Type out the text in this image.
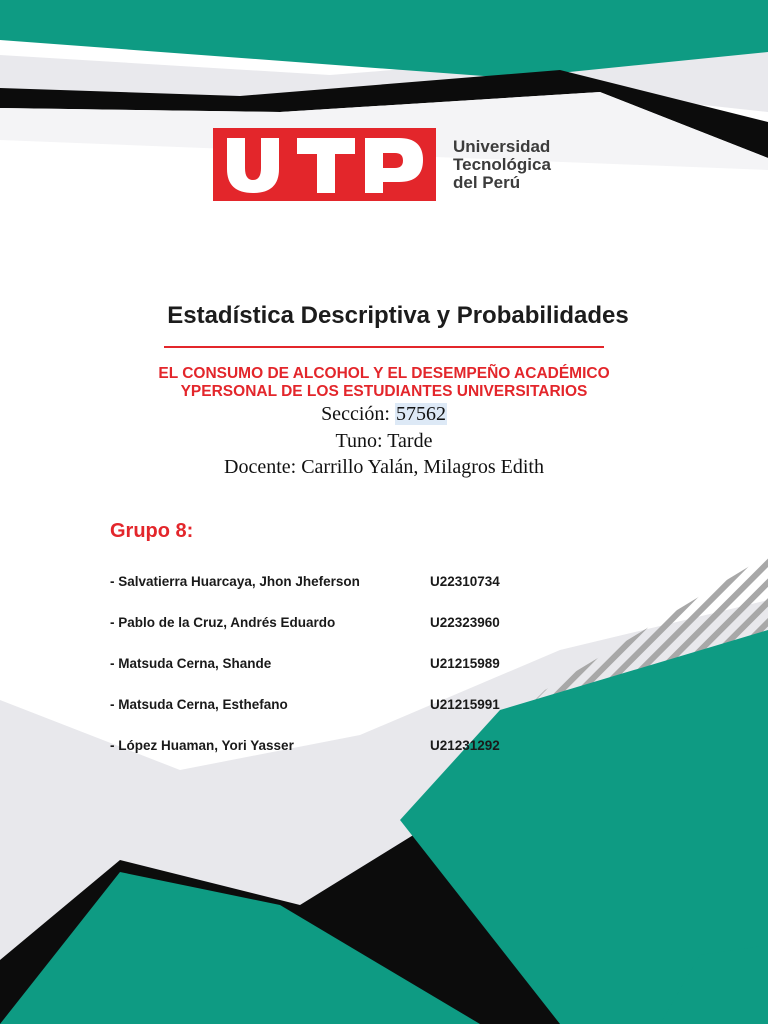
Universidad
Tecnológica
del Perú
Estadística Descriptiva y Probabilidades
EL CONSUMO DE ALCOHOL Y EL DESEMPEÑO ACADÉMICO
YPERSONAL DE LOS ESTUDIANTES UNIVERSITARIOS
Sección: 57562
Tuno: Tarde
Docente: Carrillo Yalán, Milagros Edith
Grupo 8:
- Salvatierra Huarcaya, Jhon Jheferson	U22310734
- Pablo de la Cruz, Andrés Eduardo	U22323960
- Matsuda Cerna, Shande	U21215989
- Matsuda Cerna, Esthefano	U21215991
- López Huaman, Yori Yasser	U21231292
